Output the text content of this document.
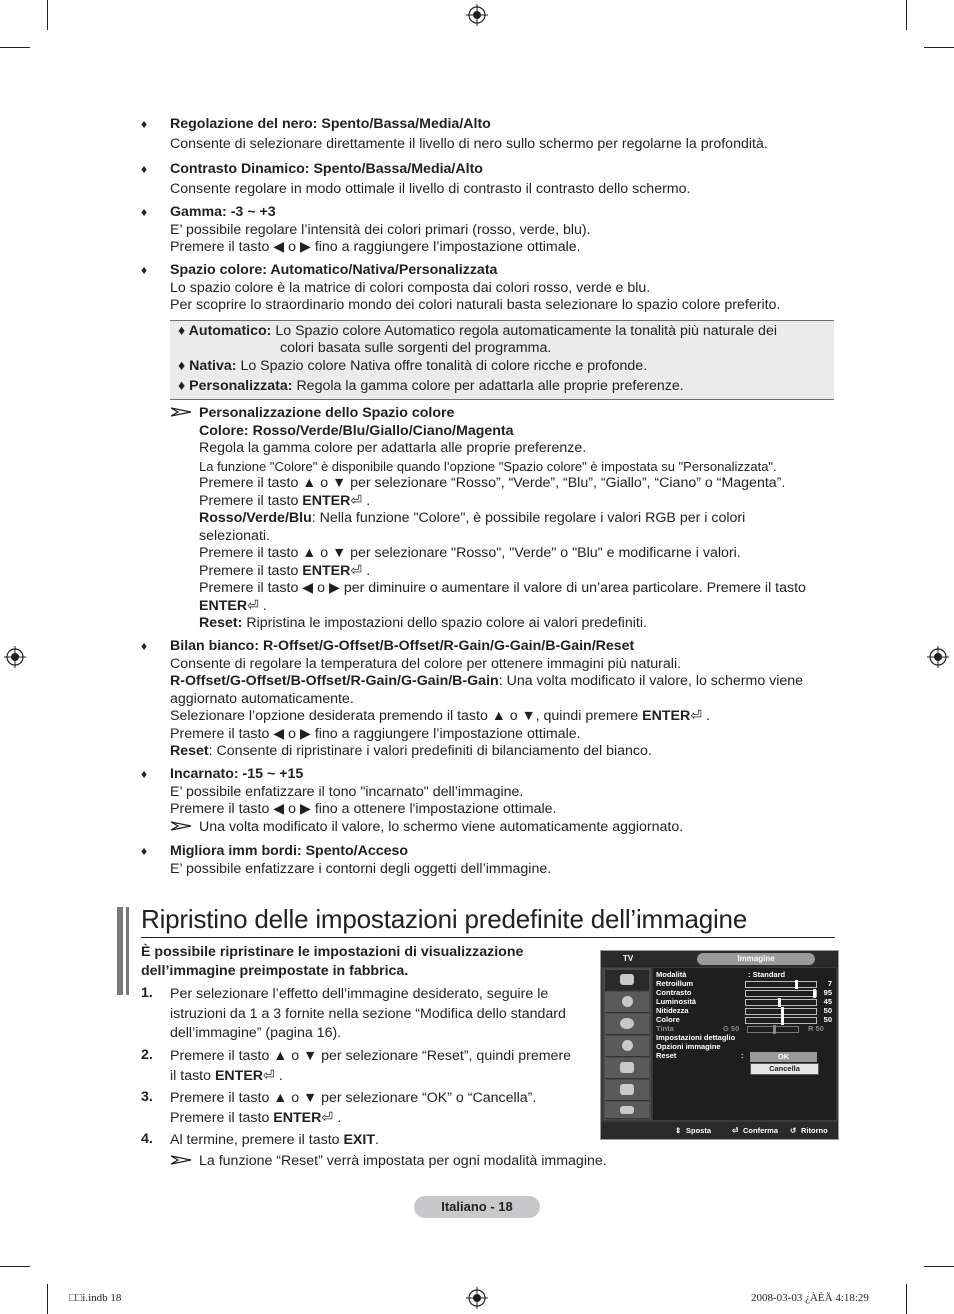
♦ Regolazione del nero: Spento/Bassa/Media/Alto

Consente di selezionare direttamente il livello di nero sullo schermo per regolarne la profondità.

♦ Contrasto Dinamico: Spento/Bassa/Media/Alto

Consente regolare in modo ottimale il livello di contrasto il contrasto dello schermo.

♦ Gamma: -3 ~ +3

E’ possibile regolare l’intensità dei colori primari (rosso, verde, blu).

Premere il tasto ◀ o ▶ fino a raggiungere l’impostazione ottimale.

♦ Spazio colore: Automatico/Nativa/Personalizzata

Lo spazio colore è la matrice di colori composta dai colori rosso, verde e blu.

Per scoprire lo straordinario mondo dei colori naturali basta selezionare lo spazio colore preferito.

♦ Automatico: Lo Spazio colore Automatico regola automaticamente la tonalità più naturale dei

colori basata sulle sorgenti del programma.

♦ Nativa: Lo Spazio colore Nativa offre tonalità di colore ricche e profonde.

♦ Personalizzata: Regola la gamma colore per adattarla alle proprie preferenze.

Personalizzazione dello Spazio colore

Colore: Rosso/Verde/Blu/Giallo/Ciano/Magenta

Regola la gamma colore per adattarla alle proprie preferenze.

La funzione "Colore" è disponibile quando l’opzione "Spazio colore" è impostata su "Personalizzata".

Premere il tasto ▲ o ▼ per selezionare “Rosso”, “Verde”, “Blu”, “Giallo”, “Ciano” o “Magenta”.

Premere il tasto ENTER⏎ .

Rosso/Verde/Blu: Nella funzione "Colore", è possibile regolare i valori RGB per i colori

selezionati.

Premere il tasto ▲ o ▼ per selezionare "Rosso", "Verde" o "Blu" e modificarne i valori.

Premere il tasto ENTER⏎ .

Premere il tasto ◀ o ▶ per diminuire o aumentare il valore di un’area particolare. Premere il tasto

ENTER⏎ .

Reset: Ripristina le impostazioni dello spazio colore ai valori predefiniti.

♦ Bilan bianco: R-Offset/G-Offset/B-Offset/R-Gain/G-Gain/B-Gain/Reset

Consente di regolare la temperatura del colore per ottenere immagini più naturali.

R-Offset/G-Offset/B-Offset/R-Gain/G-Gain/B-Gain: Una volta modificato il valore, lo schermo viene

aggiornato automaticamente.

Selezionare l’opzione desiderata premendo il tasto ▲ o ▼, quindi premere ENTER⏎ .

Premere il tasto ◀ o ▶ fino a raggiungere l’impostazione ottimale.

Reset: Consente di ripristinare i valori predefiniti di bilanciamento del bianco.

♦ Incarnato: -15 ~ +15

E’ possibile enfatizzare il tono "incarnato" dell’immagine.

Premere il tasto ◀ o ▶ fino a ottenere l'impostazione ottimale.

Una volta modificato il valore, lo schermo viene automaticamente aggiornato.

♦ Migliora imm bordi: Spento/Acceso

E’ possibile enfatizzare i contorni degli oggetti dell’immagine.

Ripristino delle impostazioni predefinite dell’immagine

È possibile ripristinare le impostazioni di visualizzazione

dell’immagine preimpostate in fabbrica.

1. Per selezionare l’effetto dell’immagine desiderato, seguire le

istruzioni da 1 a 3 fornite nella sezione “Modifica dello standard

dell’immagine” (pagina 16).

2. Premere il tasto ▲ o ▼ per selezionare “Reset”, quindi premere

il tasto ENTER⏎ .

3. Premere il tasto ▲ o ▼ per selezionare “OK” o “Cancella”.

Premere il tasto ENTER⏎ .

4. Al termine, premere il tasto EXIT.

La funzione “Reset” verrà impostata per ogni modalità immagine.

TV	Immagine
Modalità	: Standard
Retroillum	7
Contrasto	95
Luminosità	45
Nitidezza	50
Colore	50
Tinta	G 50	R 50
Impostazioni dettaglio
Opzioni immagine
Reset	:	OK
Cancella
⇕ Sposta	⏎ Conferma ↺ Ritorno
Italiano - 18
□□i.indb 18	2008-03-03 ¿ÀÈÄ 4:18:29
